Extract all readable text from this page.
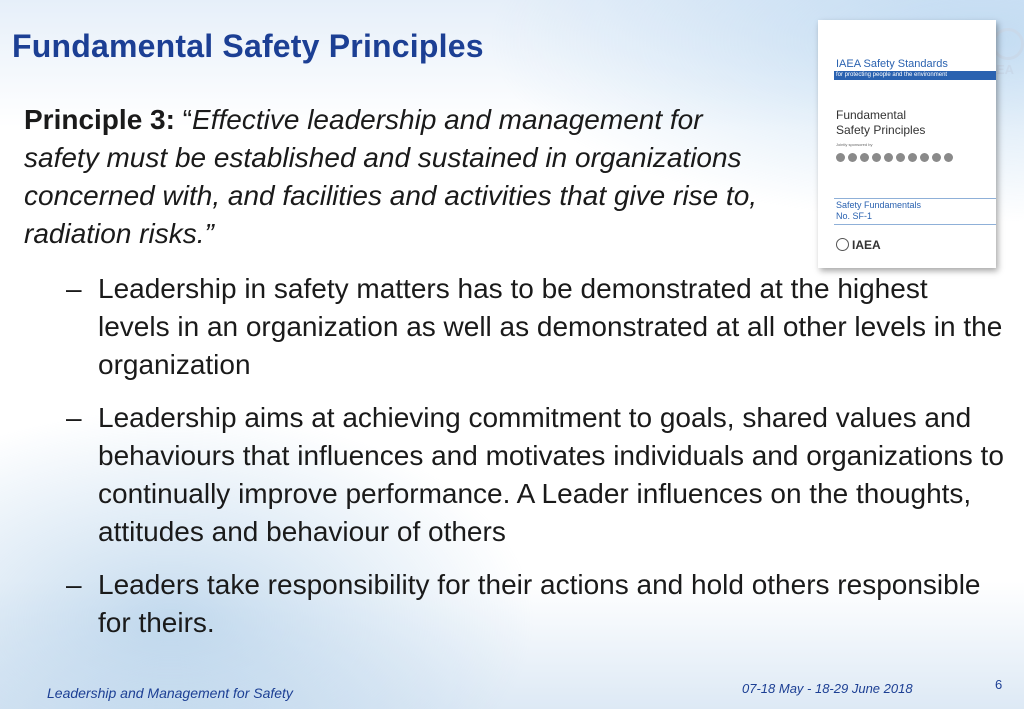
Fundamental Safety Principles
EA
Principle 3: “Effective leadership and management for safety must be established and sustained in organizations concerned with, and facilities and activities that give rise to, radiation risks.”
– Leadership in safety matters has to be demonstrated at the highest levels in an organization as well as demonstrated at all other levels in the organization
– Leadership aims at achieving commitment to goals, shared values and behaviours that influences and motivates individuals and organizations to continually improve performance. A Leader influences on the thoughts, attitudes and behaviour of others
– Leaders take responsibility for their actions and hold others responsible for theirs.
IAEA Safety Standards
for protecting people and the environment
Fundamental
Safety Principles
Jointly sponsored by
Safety Fundamentals
No. SF-1
IAEA
Leadership and Management for Safety	07-18 May - 18-29 June 2018	6
